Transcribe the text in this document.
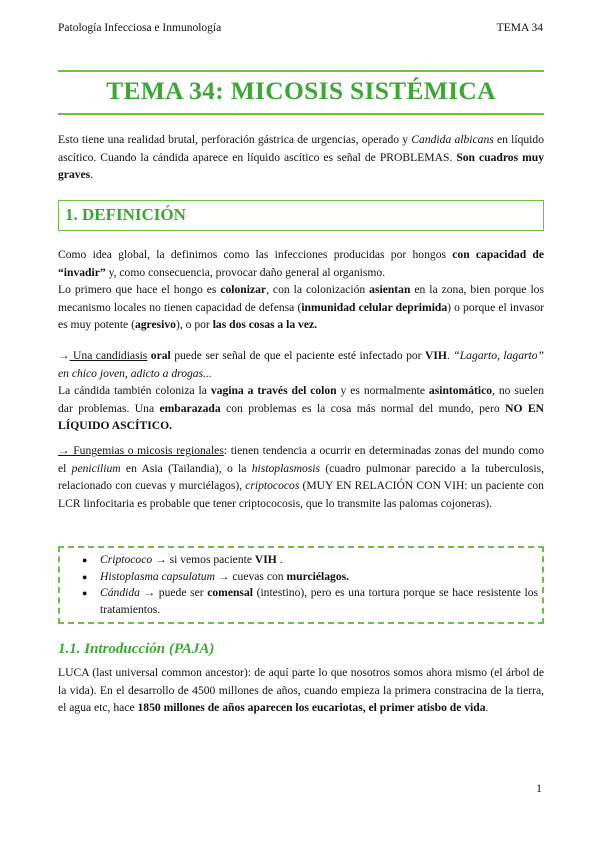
Patología Infecciosa e Inmunología	TEMA 34
TEMA 34: MICOSIS SISTÉMICA

Esto tiene una realidad brutal, perforación gástrica de urgencias, operado y Candida albicans en líquido ascítico. Cuando la cándida aparece en líquido ascítico es señal de PROBLEMAS. Son cuadros muy graves.

1. DEFINICIÓN

Como idea global, la definimos como las infecciones producidas por hongos con capacidad de “invadir” y, como consecuencia, provocar daño general al organismo.

Lo primero que hace el hongo es colonizar, con la colonización asientan en la zona, bien porque los mecanismo locales no tienen capacidad de defensa (inmunidad celular deprimida) o porque el invasor es muy potente (agresivo), o por las dos cosas a la vez.

→ Una candidiasis oral puede ser señal de que el paciente esté infectado por VIH. “Lagarto, lagarto” en chico joven, adicto a drogas...
La cándida también coloniza la vagina a través del colon y es normalmente asintomático, no suelen dar problemas. Una embarazada con problemas es la cosa más normal del mundo, pero NO EN LÍQUIDO ASCÍTICO.

→ Fungemias o micosis regionales: tienen tendencia a ocurrir en determinadas zonas del mundo como el penicilium en Asia (Tailandia), o la histoplasmosis (cuadro pulmonar parecido a la tuberculosis, relacionado con cuevas y murciélagos), criptococos (MUY EN RELACIÓN CON VIH: un paciente con LCR linfocitaria es probable que tener criptococosis, que lo transmite las palomas cojoneras).

● Criptococo → si vemos paciente VIH .
● Histoplasma capsulatum → cuevas con murciélagos.
● Cándida → puede ser comensal (intestino), pero es una tortura porque se hace resistente los tratamientos.
1.1. Introducción (PAJA)

LUCA (last universal common ancestor): de aquí parte lo que nosotros somos ahora mismo (el árbol de la vida). En el desarrollo de 4500 millones de años, cuando empieza la primera constracina de la tierra, el agua etc, hace 1850 millones de años aparecen los eucariotas, el primer atisbo de vida.

1
